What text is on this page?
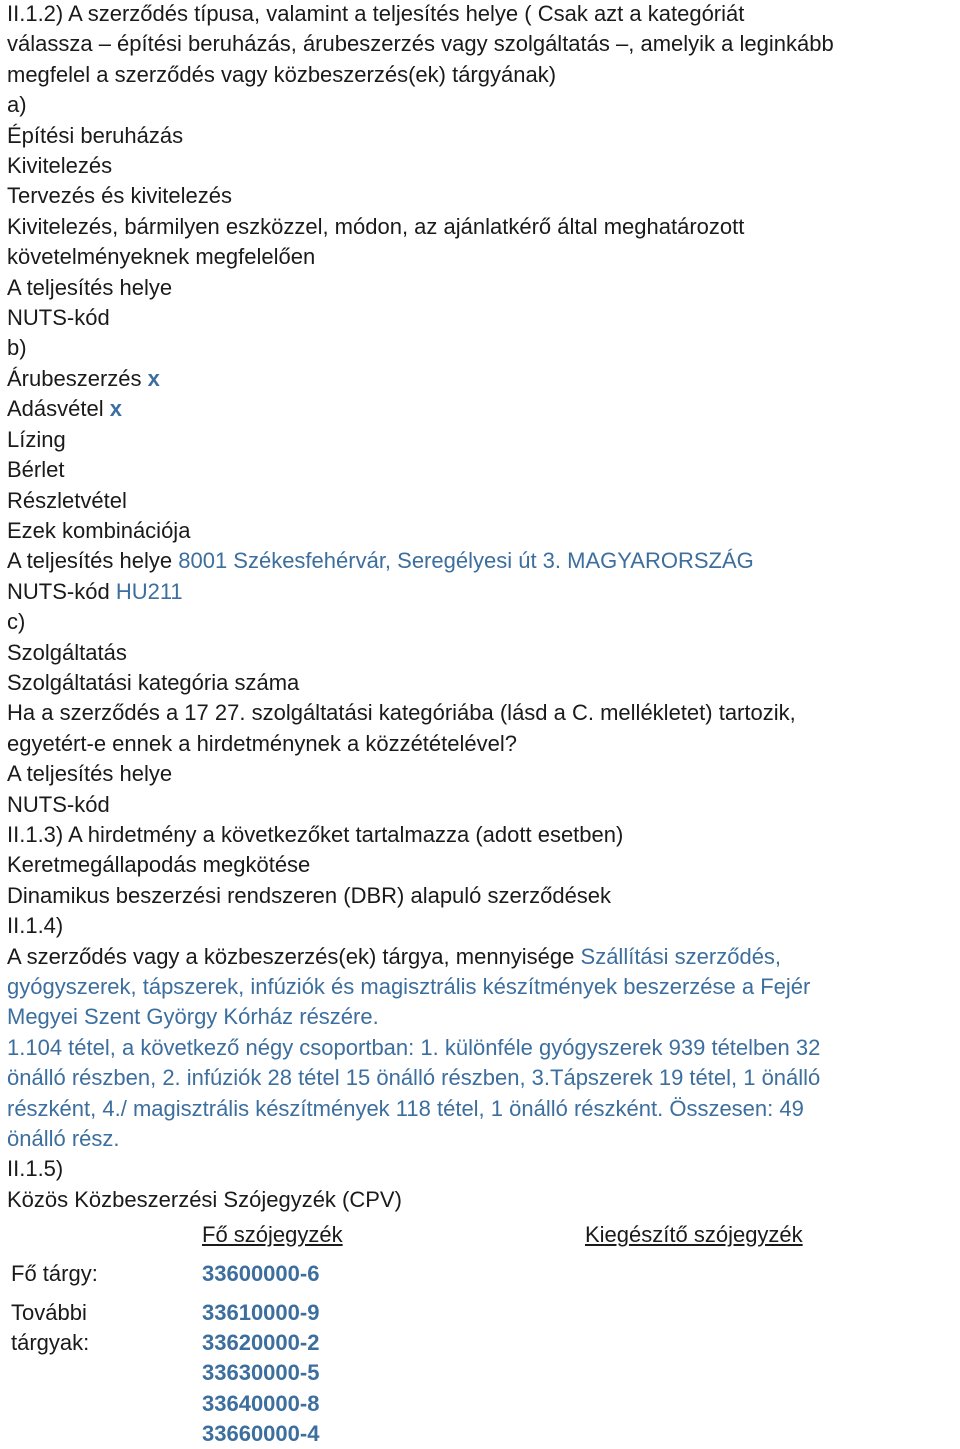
II.1.2) A szerződés típusa, valamint a teljesítés helye ( Csak azt a kategóriát
válassza – építési beruházás, árubeszerzés vagy szolgáltatás –, amelyik a leginkább
megfelel a szerződés vagy közbeszerzés(ek) tárgyának)
a)
Építési beruházás
Kivitelezés
Tervezés és kivitelezés
Kivitelezés, bármilyen eszközzel, módon, az ajánlatkérő által meghatározott
követelményeknek megfelelően
A teljesítés helye
NUTS-kód
b)
Árubeszerzés x
Adásvétel x
Lízing
Bérlet
Részletvétel
Ezek kombinációja
A teljesítés helye 8001 Székesfehérvár, Seregélyesi út 3. MAGYARORSZÁG
NUTS-kód HU211
c)
Szolgáltatás
Szolgáltatási kategória száma
Ha a szerződés a 17 27. szolgáltatási kategóriába (lásd a C. mellékletet) tartozik,
egyetért-e ennek a hirdetménynek a közzétételével?
A teljesítés helye
NUTS-kód
II.1.3) A hirdetmény a következőket tartalmazza (adott esetben)
Keretmegállapodás megkötése
Dinamikus beszerzési rendszeren (DBR) alapuló szerződések
II.1.4)
A szerződés vagy a közbeszerzés(ek) tárgya, mennyisége Szállítási szerződés,
gyógyszerek, tápszerek, infúziók és magisztrális készítmények beszerzése a Fejér
Megyei Szent György Kórház részére.
1.104 tétel, a következő négy csoportban: 1. különféle gyógyszerek 939 tételben 32
önálló részben, 2. infúziók 28 tétel 15 önálló részben, 3.Tápszerek 19 tétel, 1 önálló
részként, 4./ magisztrális készítmények 118 tétel, 1 önálló részként. Összesen: 49
önálló rész.
II.1.5)
Közös Közbeszerzési Szójegyzék (CPV)
Fő szójegyzék	Kiegészítő szójegyzék
Fő tárgy:	33600000-6
További
tárgyak:
33610000-9
33620000-2
33630000-5
33640000-8
33660000-4
